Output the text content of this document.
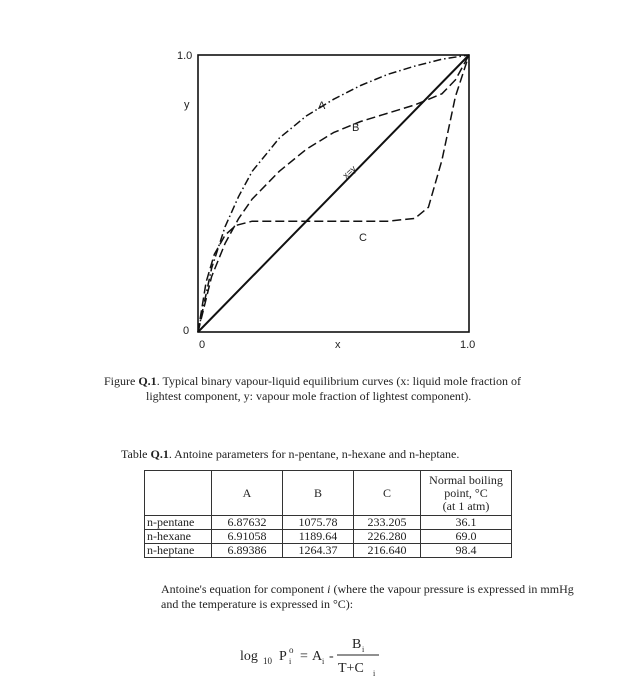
1.0
y
0
0	x	1.0
A
B
C
x=y
Figure Q.1. Typical binary vapour-liquid equilibrium curves (x: liquid mole fraction of
lightest component, y: vapour mole fraction of lightest component).
Table Q.1. Antoine parameters for n-pentane, n-hexane and n-heptane.
	A	B	C	Normal boiling
point, °C
(at 1 atm)

n-pentane	6.87632	1075.78	233.205	36.1
n-hexane	6.91058	1189.64	226.280	69.0
n-heptane	6.89386	1264.37	216.640	98.4
Antoine's equation for component i (where the vapour pressure is expressed in mmHg and the temperature is expressed in °C):
log 10 P o
i = A i -
B i
T+C i
